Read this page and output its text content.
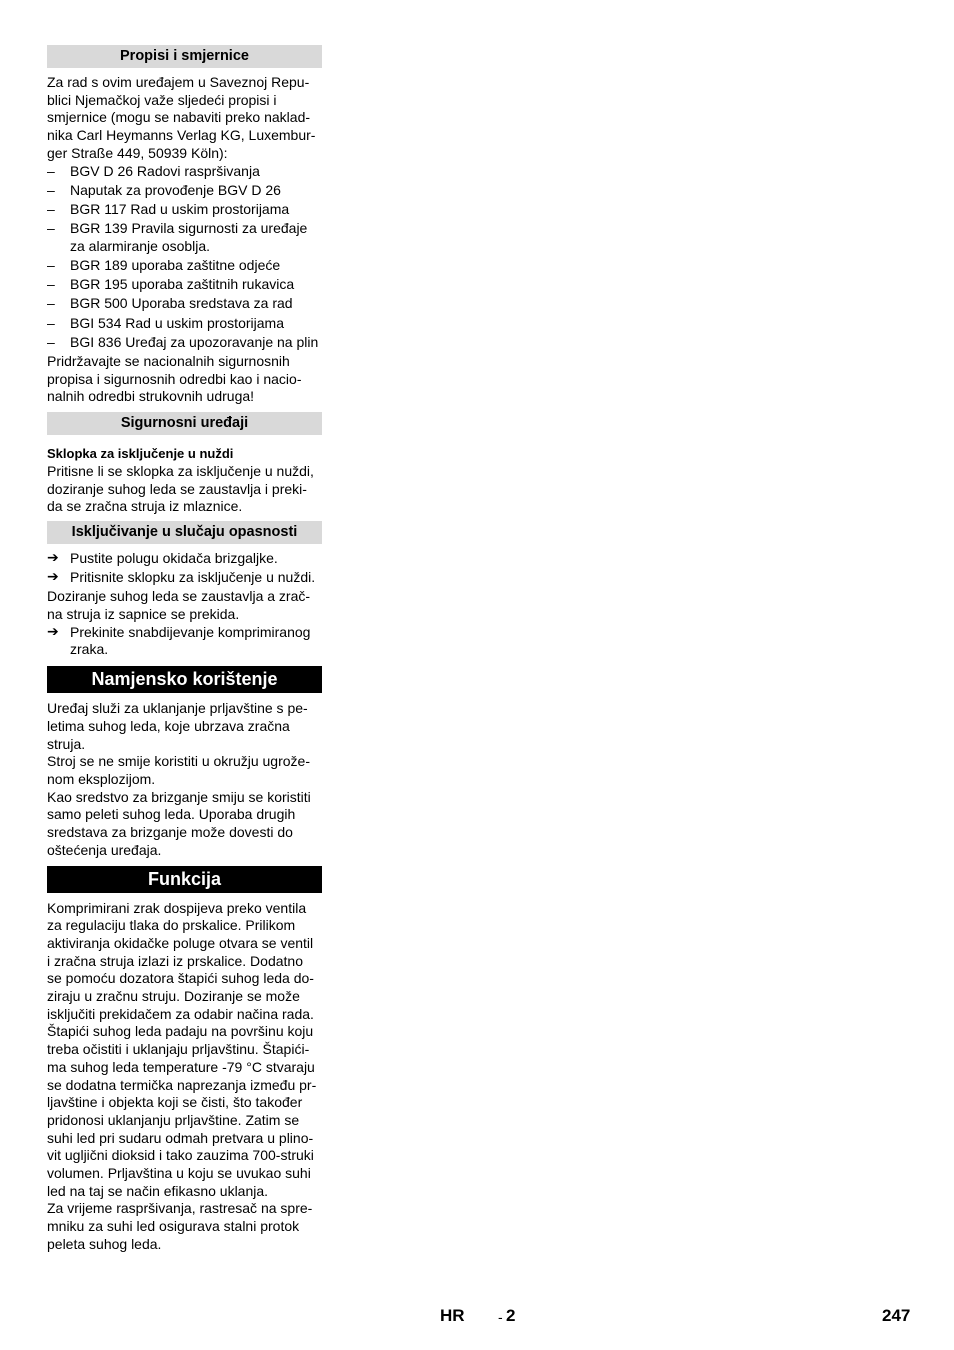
Propisi i smjernice

Za rad s ovim uređajem u Saveznoj Repu-
blici Njemačkoj važe sljedeći propisi i
smjernice (mogu se nabaviti preko naklad-
nika Carl Heymanns Verlag KG, Luxembur-
ger Straße 449, 50939 Köln):

– BGV D 26 Radovi raspršivanja
– Naputak za provođenje BGV D 26
– BGR 117 Rad u uskim prostorijama
– BGR 139 Pravila sigurnosti za uređaje
za alarmiranje osoblja.
– BGR 189 uporaba zaštitne odjeće
– BGR 195 uporaba zaštitnih rukavica
– BGR 500 Uporaba sredstava za rad
– BGI 534 Rad u uskim prostorijama
– BGI 836 Uređaj za upozoravanje na plin

Pridržavajte se nacionalnih sigurnosnih
propisa i sigurnosnih odredbi kao i nacio-
nalnih odredbi strukovnih udruga!

Sigurnosni uređaji

Sklopka za isključenje u nuždi

Pritisne li se sklopka za isključenje u nuždi,
doziranje suhog leda se zaustavlja i preki-
da se zračna struja iz mlaznice.

Isključivanje u slučaju opasnosti
➔ Pustite polugu okidača brizgaljke.
➔ Pritisnite sklopku za isključenje u nuždi.

Doziranje suhog leda se zaustavlja a zrač-
na struja iz sapnice se prekida.

➔ Prekinite snabdijevanje komprimiranog
zraka.
Namjensko korištenje

Uređaj služi za uklanjanje prljavštine s pe-
letima suhog leda, koje ubrzava zračna
struja.

Stroj se ne smije koristiti u okružju ugrože-
nom eksplozijom.

Kao sredstvo za brizganje smiju se koristiti
samo peleti suhog leda. Uporaba drugih
sredstava za brizganje može dovesti do
oštećenja uređaja.

Funkcija

Komprimirani zrak dospijeva preko ventila
za regulaciju tlaka do prskalice. Prilikom
aktiviranja okidačke poluge otvara se ventil
i zračna struja izlazi iz prskalice. Dodatno
se pomoću dozatora štapići suhog leda do-
ziraju u zračnu struju. Doziranje se može
isključiti prekidačem za odabir načina rada.
Štapići suhog leda padaju na površinu koju
treba očistiti i uklanjaju prljavštinu. Štapići-
ma suhog leda temperature -79 °C stvaraju
se dodatna termička naprezanja između pr-
ljavštine i objekta koji se čisti, što također
pridonosi uklanjanju prljavštine. Zatim se
suhi led pri sudaru odmah pretvara u plino-
vit ugljični dioksid i tako zauzima 700-struki
volumen. Prljavština u koju se uvukao suhi
led na taj se način efikasno uklanja.

Za vrijeme raspršivanja, rastresač na spre-
mniku za suhi led osigurava stalni protok
peleta suhog leda.

HR - 2	247
